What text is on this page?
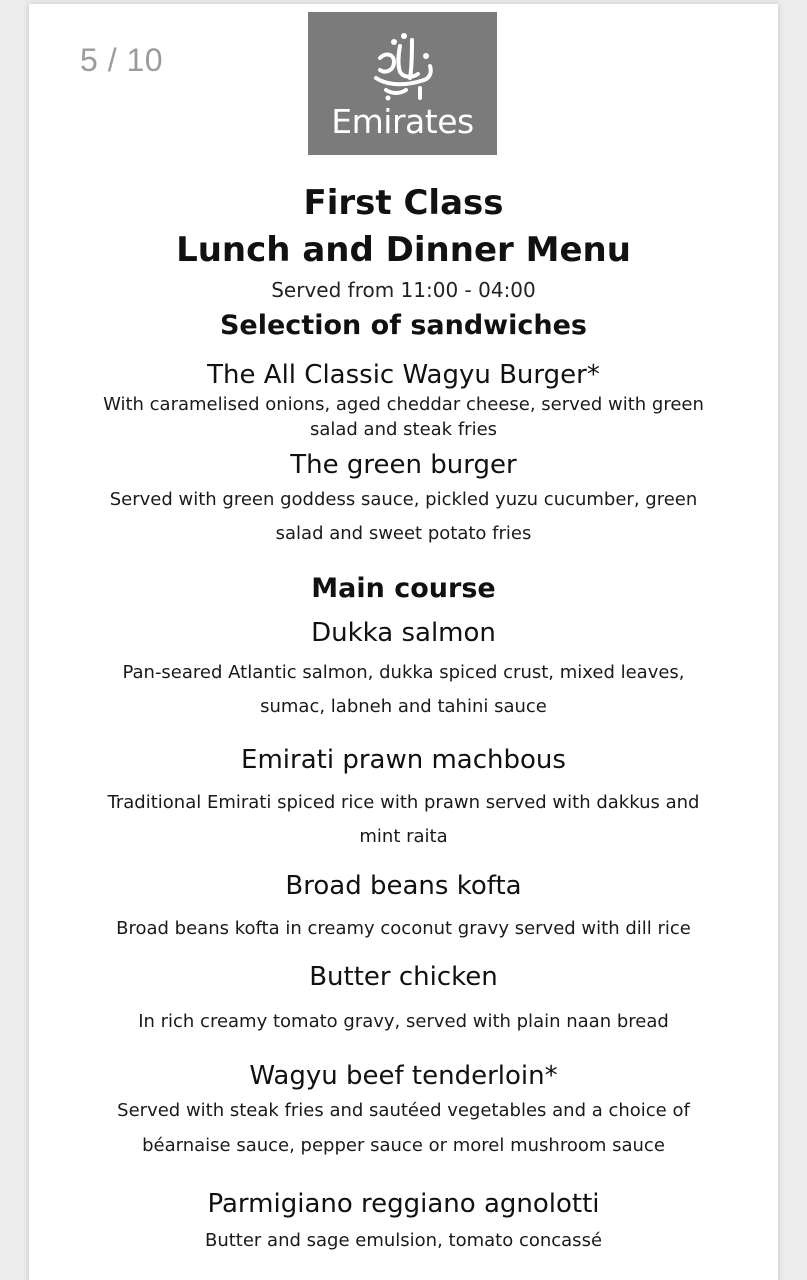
5 / 10
Emirates
First Class
Lunch and Dinner Menu
Served from 11:00 - 04:00
Selection of sandwiches
The All Classic Wagyu Burger*
With caramelised onions, aged cheddar cheese, served with green
salad and steak fries
The green burger
Served with green goddess sauce, pickled yuzu cucumber, green
salad and sweet potato fries
Main course
Dukka salmon
Pan-seared Atlantic salmon, dukka spiced crust, mixed leaves,
sumac, labneh and tahini sauce
Emirati prawn machbous
Traditional Emirati spiced rice with prawn served with dakkus and
mint raita
Broad beans kofta
Broad beans kofta in creamy coconut gravy served with dill rice
Butter chicken
In rich creamy tomato gravy, served with plain naan bread
Wagyu beef tenderloin*
Served with steak fries and sautéed vegetables and a choice of
béarnaise sauce, pepper sauce or morel mushroom sauce
Parmigiano reggiano agnolotti
Butter and sage emulsion, tomato concassé
